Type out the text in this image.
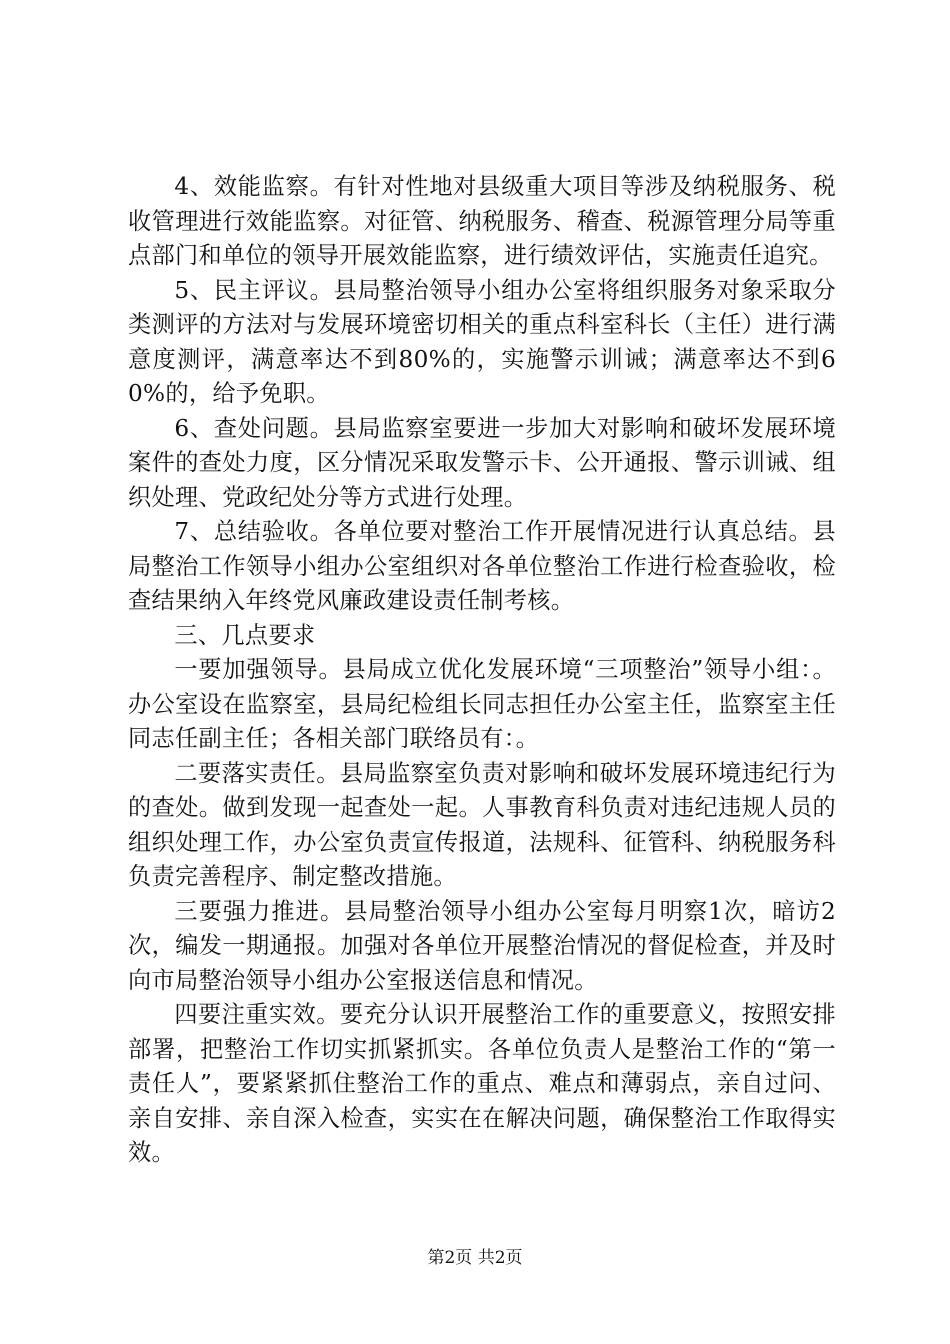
4、效能监察。有针对性地对县级重大项目等涉及纳税服务、税收管理进行效能监察。对征管、纳税服务、稽查、税源管理分局等重点部门和单位的领导开展效能监察，进行绩效评估，实施责任追究。

5、民主评议。县局整治领导小组办公室将组织服务对象采取分类测评的方法对与发展环境密切相关的重点科室科长（主任）进行满意度测评，满意率达不到80%的，实施警示训诫；满意率达不到60%的，给予免职。

6、查处问题。县局监察室要进一步加大对影响和破坏发展环境案件的查处力度，区分情况采取发警示卡、公开通报、警示训诫、组织处理、党政纪处分等方式进行处理。

7、总结验收。各单位要对整治工作开展情况进行认真总结。县局整治工作领导小组办公室组织对各单位整治工作进行检查验收，检查结果纳入年终党风廉政建设责任制考核。

三、几点要求

一要加强领导。县局成立优化发展环境“三项整治”领导小组：。办公室设在监察室，县局纪检组长同志担任办公室主任，监察室主任同志任副主任；各相关部门联络员有：。

二要落实责任。县局监察室负责对影响和破坏发展环境违纪行为的查处。做到发现一起查处一起。人事教育科负责对违纪违规人员的组织处理工作，办公室负责宣传报道，法规科、征管科、纳税服务科负责完善程序、制定整改措施。

三要强力推进。县局整治领导小组办公室每月明察1次，暗访2次，编发一期通报。加强对各单位开展整治情况的督促检查，并及时向市局整治领导小组办公室报送信息和情况。

四要注重实效。要充分认识开展整治工作的重要意义，按照安排部署，把整治工作切实抓紧抓实。各单位负责人是整治工作的“第一责任人”，要紧紧抓住整治工作的重点、难点和薄弱点，亲自过问、亲自安排、亲自深入检查，实实在在解决问题，确保整治工作取得实效。

第2页 共2页
